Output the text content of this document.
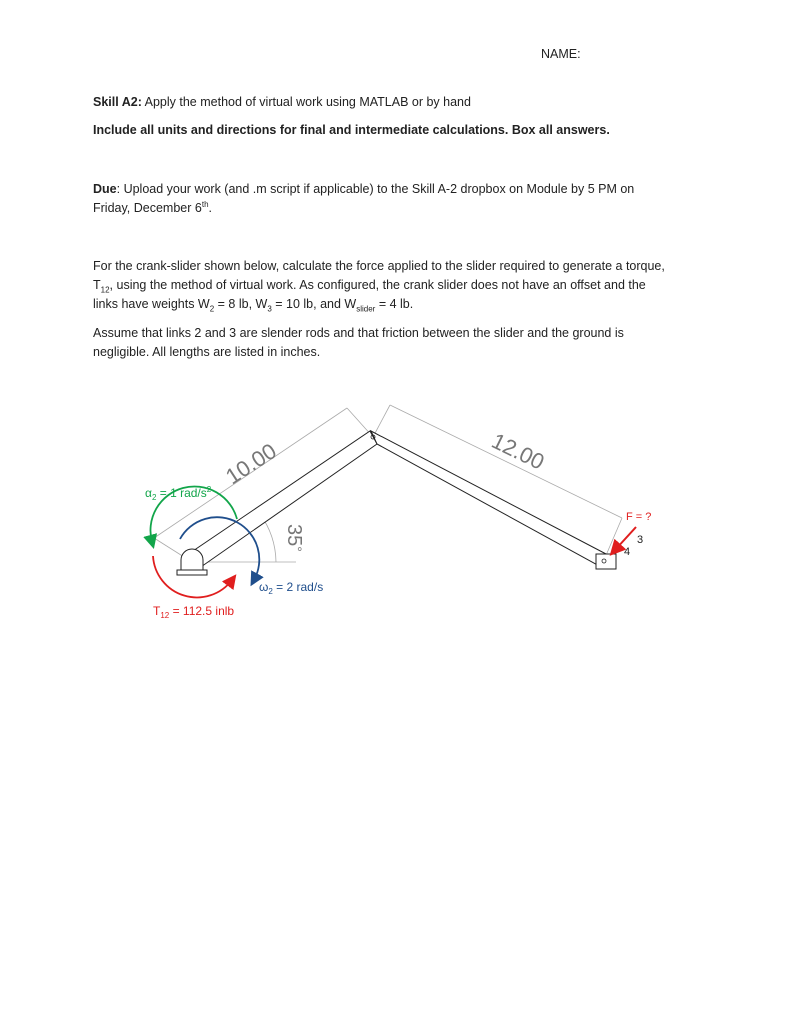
NAME:
Skill A2: Apply the method of virtual work using MATLAB or by hand
Include all units and directions for final and intermediate calculations. Box all answers.
Due: Upload your work (and .m script if applicable) to the Skill A-2 dropbox on Module by 5 PM on
Friday, December 6th.
For the crank-slider shown below, calculate the force applied to the slider required to generate a torque,
$T_{12}$, using the method of virtual work. As configured, the crank slider does not have an offset and the
links have weights $W_2 = 8$ lb, $W_3 = 10$ lb, and $W_{slider} = 4$ lb.
Assume that links 2 and 3 are slender rods and that friction between the slider and the ground is
negligible. All lengths are listed in inches.
10.00	12.00
35°
$\alpha_2 = 1$ rad/$s^2$
$\omega_2 = 2$ rad/s
$T_{12} = 112.5$ inlb
F = ?
3
4
